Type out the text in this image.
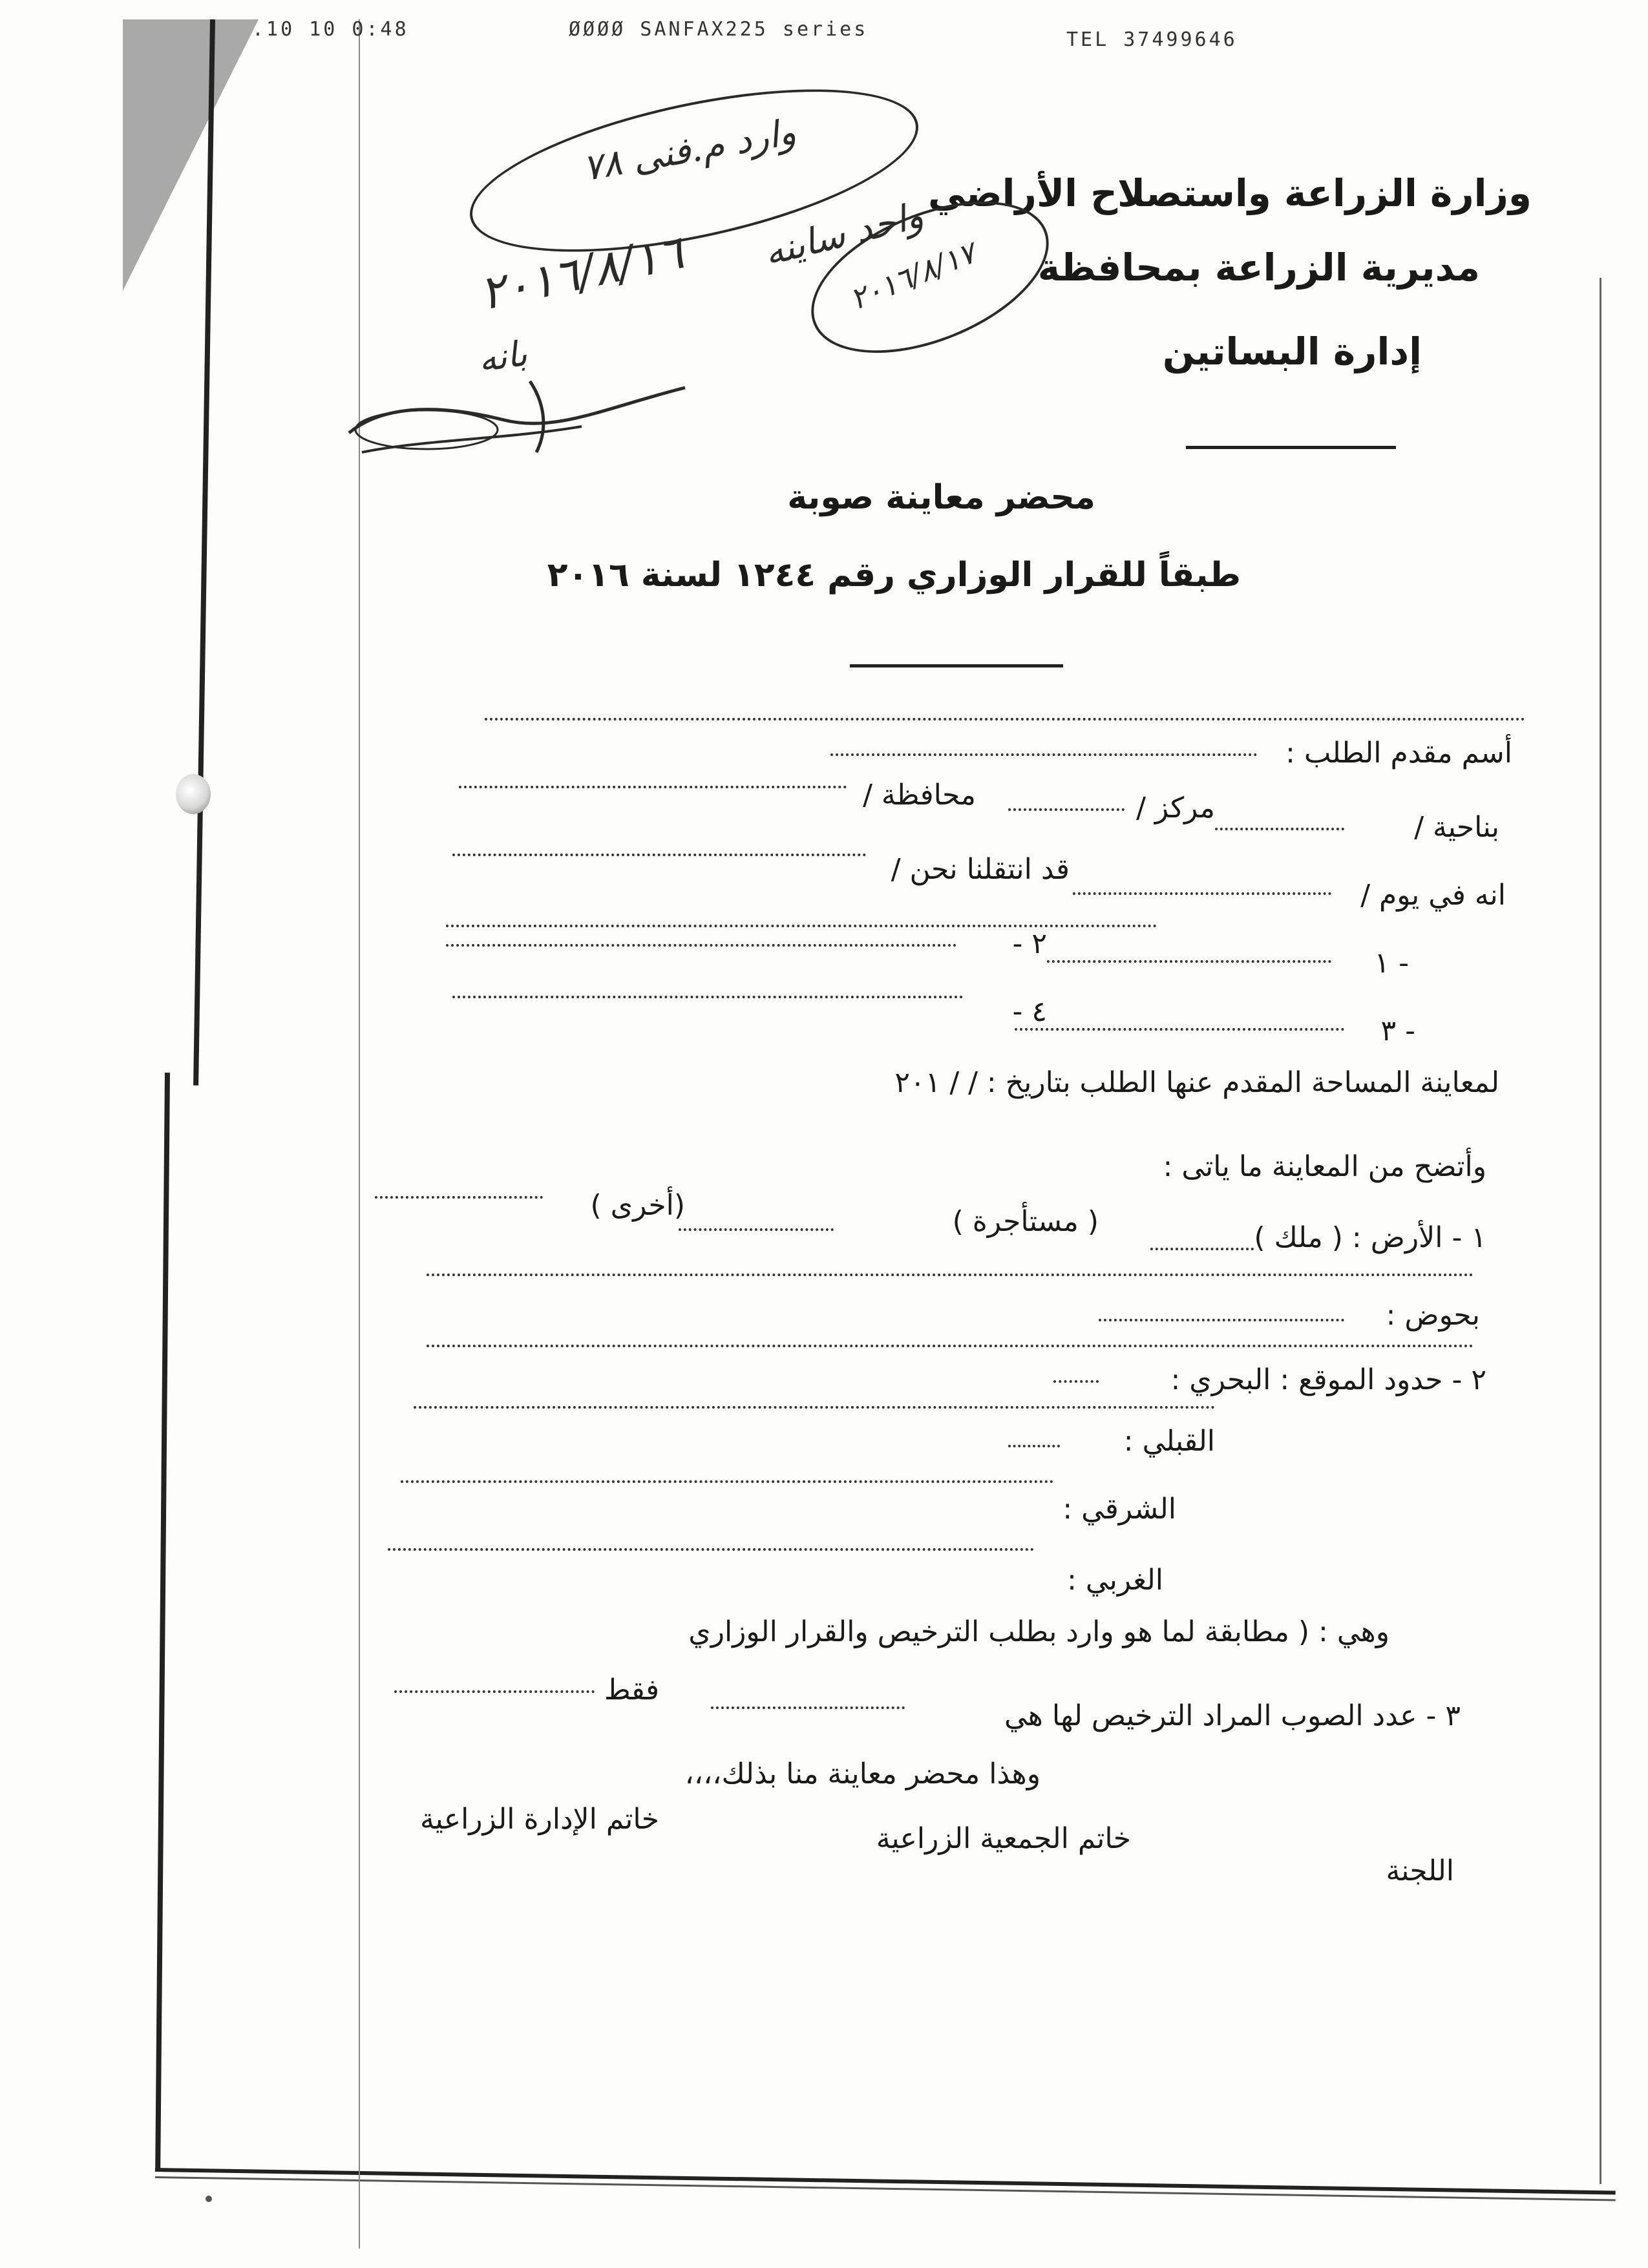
.10 10 0:48	ØØØØ SANFAX225 series	TEL 37499646
وزارة الزراعة واستصلاح الأراضي
مديرية الزراعة بمحافظة
إدارة البساتين
وارد م.فنى ٧٨
٢٠١٦/٨/١٦ واحد ساينه
٢٠١٦/٨/١٧
بانه
محضر معاينة صوبة
طبقاً للقرار الوزاري رقم ١٢٤٤ لسنة ٢٠١٦
أسم مقدم الطلب :
بناحية /
مركز /
محافظة /
انه في يوم /
قد انتقلنا نحن /
١ -
- ٢
٣ -
- ٤
لمعاينة المساحة المقدم عنها الطلب بتاريخ : / / ٢٠١
وأتضح من المعاينة ما ياتى :
١ - الأرض : ( ملك )
( مستأجرة )
(أخرى )
بحوض :
٢ - حدود الموقع : البحري :
القبلي :
الشرقي :
الغربي :
وهي : ( مطابقة لما هو وارد بطلب الترخيص والقرار الوزاري
فقط
٣ - عدد الصوب المراد الترخيص لها هي
وهذا محضر معاينة منا بذلك،،،،
اللجنة
خاتم الجمعية الزراعية
خاتم الإدارة الزراعية
